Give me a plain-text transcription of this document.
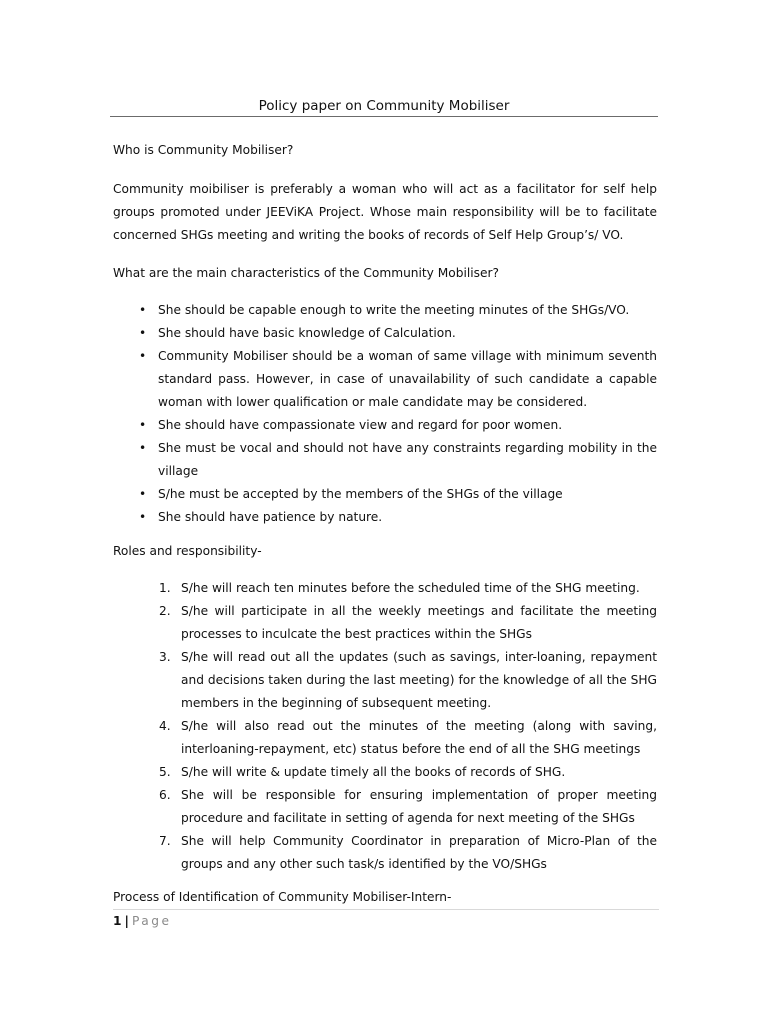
Policy paper on Community Mobiliser

Who is Community Mobiliser?

Community moibiliser is preferably a woman who will act as a facilitator for self help groups promoted under JEEViKA Project. Whose main responsibility will be to facilitate concerned SHGs meeting and writing the books of records of Self Help Group’s/ VO.

What are the main characteristics of the Community Mobiliser?

• She should be capable enough to write the meeting minutes of the SHGs/VO.
• She should have basic knowledge of Calculation.
• Community Mobiliser should be a woman of same village with minimum seventh standard pass. However, in case of unavailability of such candidate a capable woman with lower qualification or male candidate may be considered.
• She should have compassionate view and regard for poor women.
• She must be vocal and should not have any constraints regarding mobility in the village
• S/he must be accepted by the members of the SHGs of the village
• She should have patience by nature.

Roles and responsibility-

1. S/he will reach ten minutes before the scheduled time of the SHG meeting.
2. S/he will participate in all the weekly meetings and facilitate the meeting processes to inculcate the best practices within the SHGs
3. S/he will read out all the updates (such as savings, inter-loaning, repayment and decisions taken during the last meeting) for the knowledge of all the SHG members in the beginning of subsequent meeting.
4. S/he will also read out the minutes of the meeting (along with saving, interloaning-repayment, etc) status before the end of all the SHG meetings
5. S/he will write & update timely all the books of records of SHG.
6. She will be responsible for ensuring implementation of proper meeting procedure and facilitate in setting of agenda for next meeting of the SHGs
7. She will help Community Coordinator in preparation of Micro-Plan of the groups and any other such task/s identified by the VO/SHGs

Process of Identification of Community Mobiliser-Intern-

1 | Page
